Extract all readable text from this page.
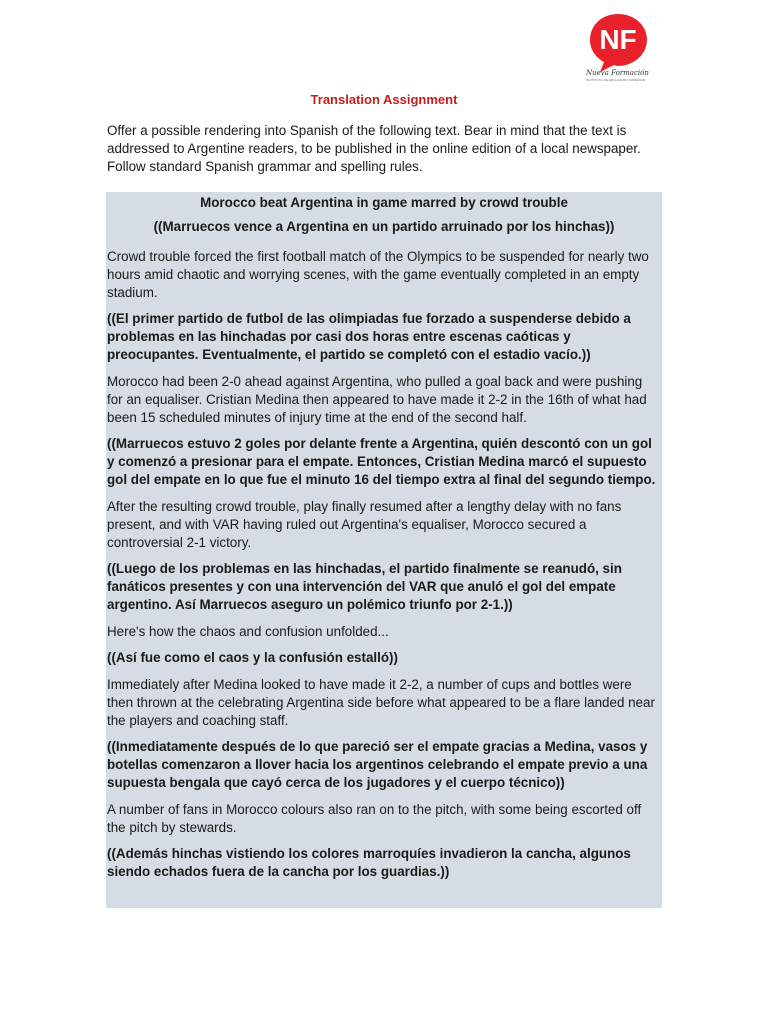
NF
Nueva Formación
INSTITUTO DE EDUCACIÓN SUPERIOR
Translation Assignment

Offer a possible rendering into Spanish of the following text. Bear in mind that the text is addressed to Argentine readers, to be published in the online edition of a local newspaper. Follow standard Spanish grammar and spelling rules.

Morocco beat Argentina in game marred by crowd trouble

((Marruecos vence a Argentina en un partido arruinado por los hinchas))

Crowd trouble forced the first football match of the Olympics to be suspended for nearly two hours amid chaotic and worrying scenes, with the game eventually completed in an empty stadium.

((El primer partido de futbol de las olimpiadas fue forzado a suspenderse debido a problemas en las hinchadas por casi dos horas entre escenas caóticas y preocupantes. Eventualmente, el partido se completó con el estadio vacío.))

Morocco had been 2-0 ahead against Argentina, who pulled a goal back and were pushing for an equaliser. Cristian Medina then appeared to have made it 2-2 in the 16th of what had been 15 scheduled minutes of injury time at the end of the second half.

((Marruecos estuvo 2 goles por delante frente a Argentina, quién descontó con un gol y comenzó a presionar para el empate. Entonces, Cristian Medina marcó el supuesto gol del empate en lo que fue el minuto 16 del tiempo extra al final del segundo tiempo.

After the resulting crowd trouble, play finally resumed after a lengthy delay with no fans present, and with VAR having ruled out Argentina's equaliser, Morocco secured a controversial 2-1 victory.

((Luego de los problemas en las hinchadas, el partido finalmente se reanudó, sin fanáticos presentes y con una intervención del VAR que anuló el gol del empate argentino. Así Marruecos aseguro un polémico triunfo por 2-1.))

Here's how the chaos and confusion unfolded...

((Así fue como el caos y la confusión estalló))

Immediately after Medina looked to have made it 2-2, a number of cups and bottles were then thrown at the celebrating Argentina side before what appeared to be a flare landed near the players and coaching staff.

((Inmediatamente después de lo que pareció ser el empate gracias a Medina, vasos y botellas comenzaron a llover hacia los argentinos celebrando el empate previo a una supuesta bengala que cayó cerca de los jugadores y el cuerpo técnico))

A number of fans in Morocco colours also ran on to the pitch, with some being escorted off the pitch by stewards.

((Además hinchas vistiendo los colores marroquíes invadieron la cancha, algunos siendo echados fuera de la cancha por los guardias.))
